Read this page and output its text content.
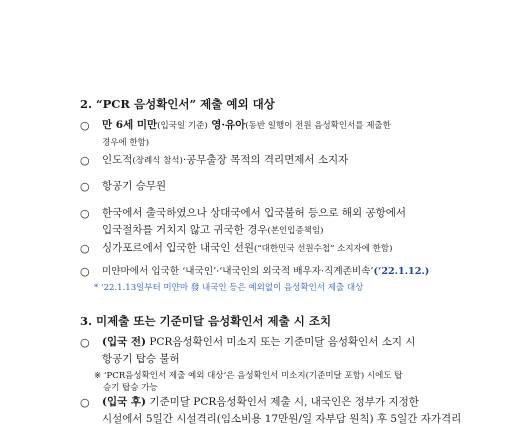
2. “PCR 음성확인서” 제출 예외 대상
○	만 6세 미만(입국일 기준) 영·유아(동반 일행이 전원 음성확인서를 제출한
경우에 한함)
○	인도적(장례식 참석)·공무출장 목적의 격리면제서 소지자
○	항공기 승무원
○	한국에서 출국하였으나 상대국에서 입국불허 등으로 해외 공항에서
입국절차를 거치지 않고 귀국한 경우(본인입증책임)
○	싱가포르에서 입국한 내국인 선원(“대한민국 선원수첩” 소지자에 한함)
○	미얀마에서 입국한 ‘내국인’·‘내국인의 외국적 배우자·직계존비속’(‘22.1.12.)
* ’22.1.13일부터 미얀마 發 내국인 등은 예외없이 음성확인서 제출 대상
3. 미제출 또는 기준미달 음성확인서 제출 시 조치
○	(입국 전) PCR음성확인서 미소지 또는 기준미달 음성확인서 소지 시
항공기 탑승 불허
※ ‘PCR음성확인서 제출 예외 대상’은 음성확인서 미소지(기준미달 포함) 시에도 탑
승기 탑승 가능
○	(입국 후) 기준미달 PCR음성확인서 제출 시, 내국인은 정부가 지정한
시설에서 5일간 시설격리(임소비용 17만원/일 자부담 원칙) 후 5일간 자가격리
